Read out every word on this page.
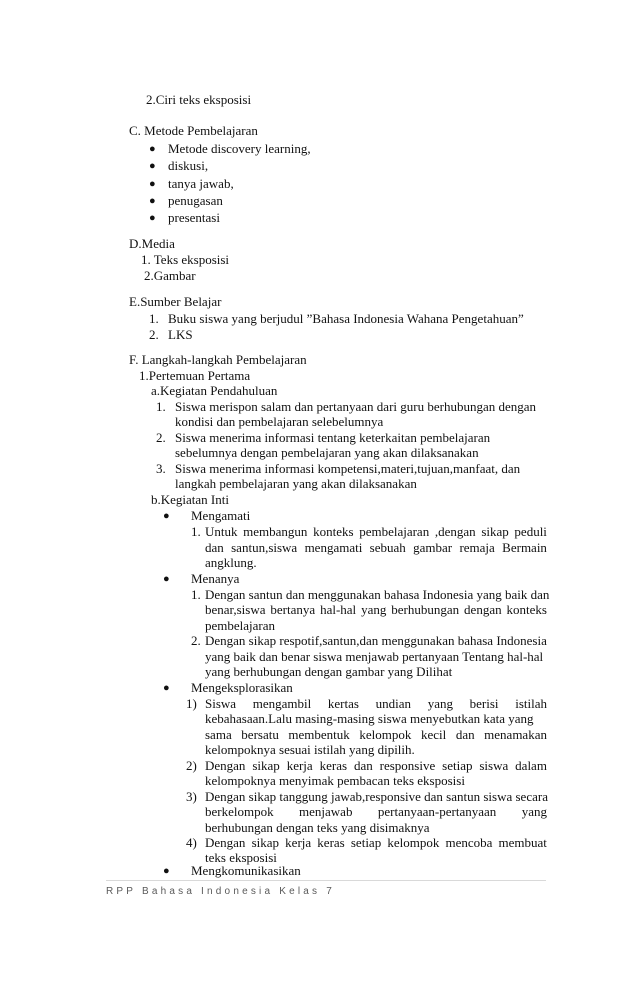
2.Ciri teks eksposisi
C. Metode Pembelajaran
● Metode discovery learning,
● diskusi,
● tanya jawab,
● penugasan
● presentasi
D.Media
1. Teks eksposisi
2.Gambar
E.Sumber Belajar
1. Buku siswa yang berjudul ”Bahasa Indonesia Wahana Pengetahuan”
2. LKS
F. Langkah-langkah Pembelajaran
1.Pertemuan Pertama
a.Kegiatan Pendahuluan
1. Siswa merispon salam dan pertanyaan dari guru berhubungan dengan
kondisi dan pembelajaran selebelumnya
2. Siswa menerima informasi tentang keterkaitan pembelajaran
sebelumnya dengan pembelajaran yang akan dilaksanakan
3. Siswa menerima informasi kompetensi,materi,tujuan,manfaat, dan
langkah pembelajaran yang akan dilaksanakan
b.Kegiatan Inti
● Mengamati
1. Untuk membangun konteks pembelajaran ,dengan sikap peduli
dan santun,siswa mengamati sebuah gambar remaja Bermain
angklung.
● Menanya
1. Dengan santun dan menggunakan bahasa Indonesia yang baik dan
benar,siswa bertanya hal-hal yang berhubungan dengan konteks
pembelajaran
2. Dengan sikap respotif,santun,dan menggunakan bahasa Indonesia
yang baik dan benar siswa menjawab pertanyaan Tentang hal-hal
yang berhubungan dengan gambar yang Dilihat
● Mengeksplorasikan
1) Siswa mengambil kertas undian yang berisi istilah
kebahasaan.Lalu masing-masing siswa menyebutkan kata yang
sama bersatu membentuk kelompok kecil dan menamakan
kelompoknya sesuai istilah yang dipilih.
2) Dengan sikap kerja keras dan responsive setiap siswa dalam
kelompoknya menyimak pembacan teks eksposisi
3) Dengan sikap tanggung jawab,responsive dan santun siswa secara
berkelompok menjawab pertanyaan-pertanyaan yang
berhubungan dengan teks yang disimaknya
4) Dengan sikap kerja keras setiap kelompok mencoba membuat
teks eksposisi
● Mengkomunikasikan
RPP Bahasa Indonesia Kelas 7
